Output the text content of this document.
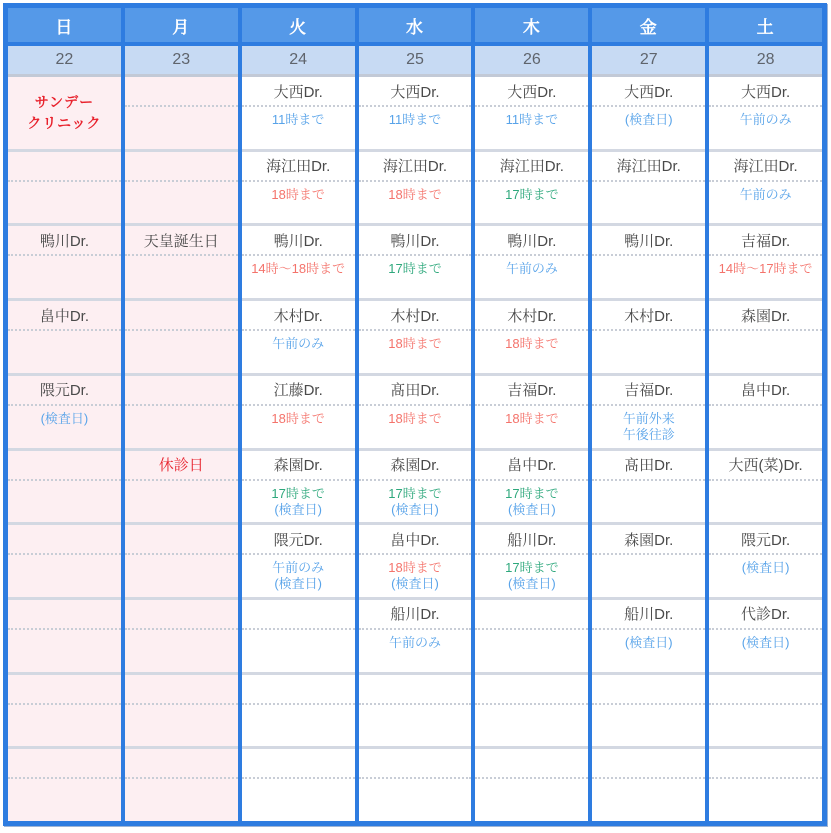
日
22
サンデー
クリニック
鴨川Dr.
畠中Dr.
隈元Dr.
(検査日)
月
23
天皇誕生日
休診日
火
24
大西Dr.
11時まで
海江田Dr.
18時まで
鴨川Dr.
14時〜18時まで
木村Dr.
午前のみ
江藤Dr.
18時まで
森園Dr.
17時まで
(検査日)
隈元Dr.
午前のみ
(検査日)
水
25
大西Dr.
11時まで
海江田Dr.
18時まで
鴨川Dr.
17時まで
木村Dr.
18時まで
髙田Dr.
18時まで
森園Dr.
17時まで
(検査日)
畠中Dr.
18時まで
(検査日)
船川Dr.
午前のみ
木
26
大西Dr.
11時まで
海江田Dr.
17時まで
鴨川Dr.
午前のみ
木村Dr.
18時まで
吉福Dr.
18時まで
畠中Dr.
17時まで
(検査日)
船川Dr.
17時まで
(検査日)
金
27
大西Dr.
(検査日)
海江田Dr.
鴨川Dr.
木村Dr.
吉福Dr.
午前外来
午後往診
髙田Dr.
森園Dr.
船川Dr.
(検査日)
土
28
大西Dr.
午前のみ
海江田Dr.
午前のみ
吉福Dr.
14時〜17時まで
森園Dr.
畠中Dr.
大西(菜)Dr.
隈元Dr.
(検査日)
代診Dr.
(検査日)
